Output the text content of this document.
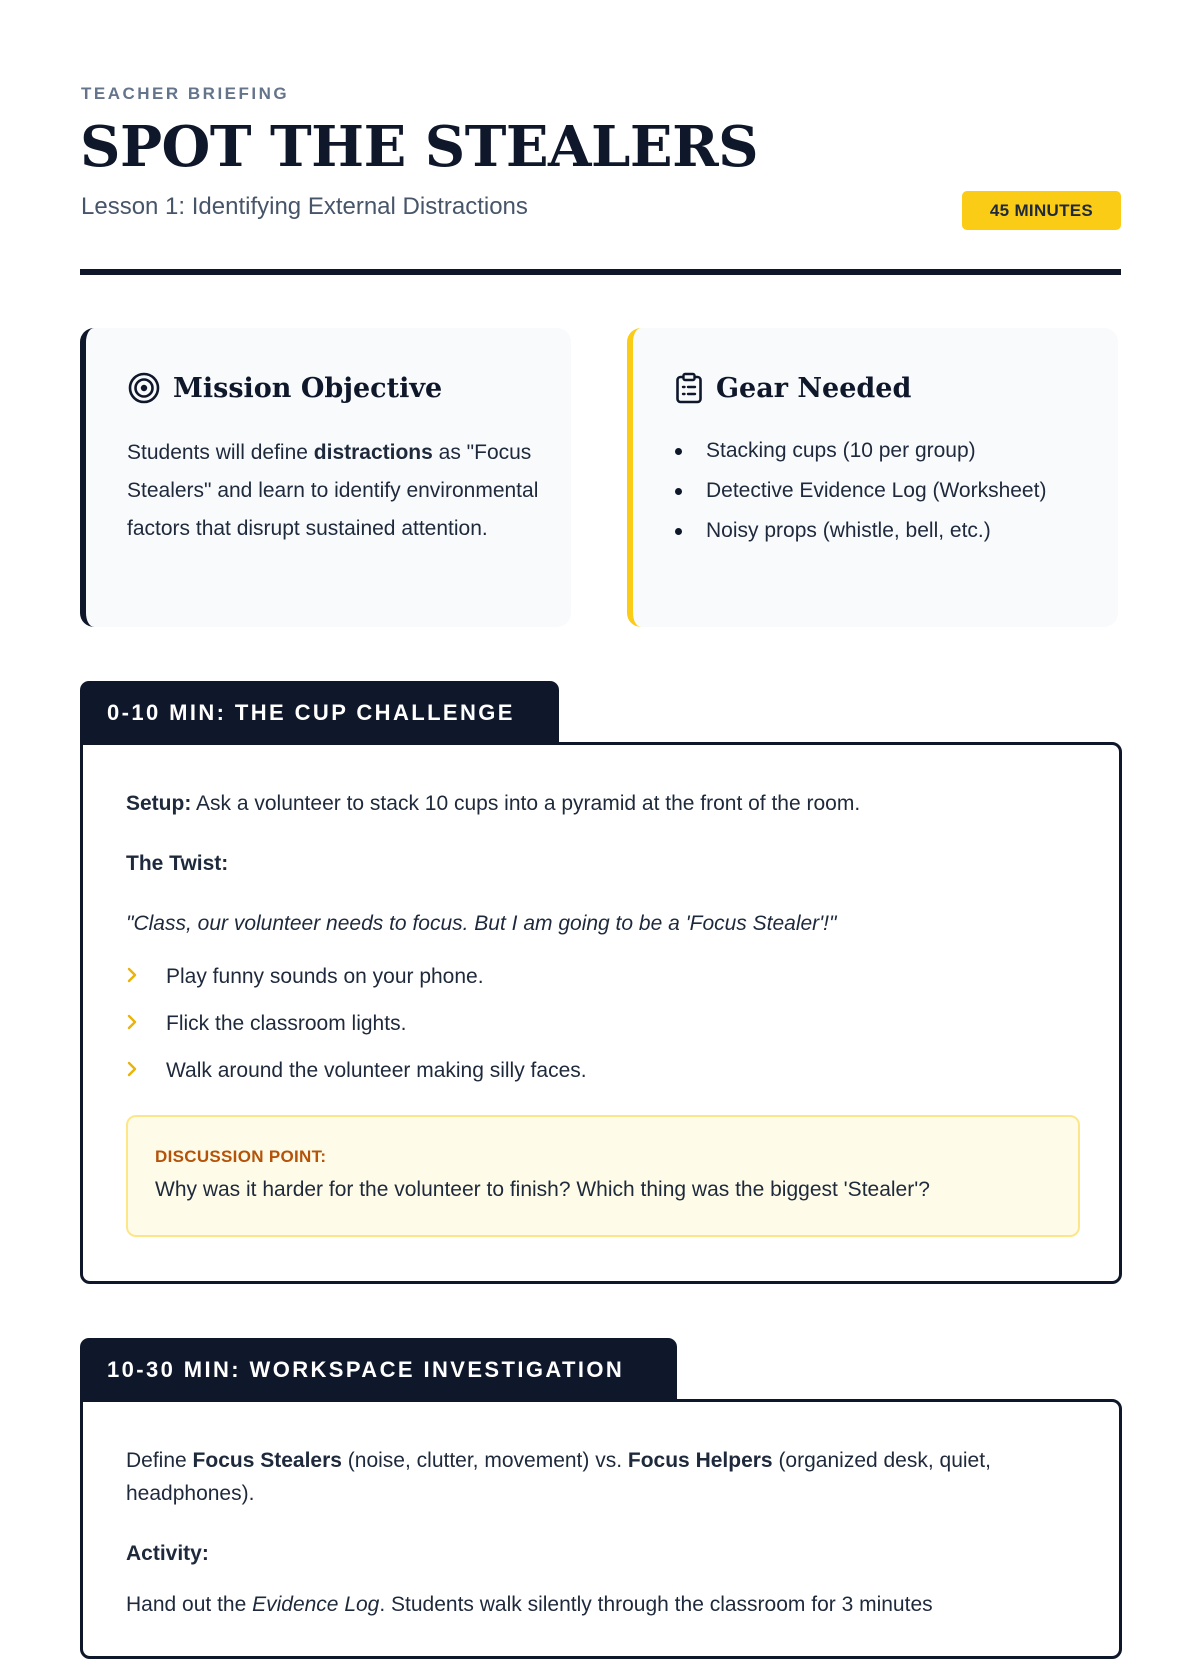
TEACHER BRIEFING
SPOT THE STEALERS
Lesson 1: Identifying External Distractions	45 MINUTES
Mission Objective
Students will define distractions as "Focus Stealers" and learn to identify environmental factors that disrupt sustained attention.
Gear Needed
Stacking cups (10 per group)
Detective Evidence Log (Worksheet)
Noisy props (whistle, bell, etc.)
0-10 MIN: THE CUP CHALLENGE
Setup: Ask a volunteer to stack 10 cups into a pyramid at the front of the room.
The Twist:
"Class, our volunteer needs to focus. But I am going to be a 'Focus Stealer'!"
Play funny sounds on your phone.
Flick the classroom lights.
Walk around the volunteer making silly faces.
DISCUSSION POINT:
Why was it harder for the volunteer to finish? Which thing was the biggest 'Stealer'?
10-30 MIN: WORKSPACE INVESTIGATION
Define Focus Stealers (noise, clutter, movement) vs. Focus Helpers (organized desk, quiet, headphones).
Activity:
Hand out the Evidence Log. Students walk silently through the classroom for 3 minutes
